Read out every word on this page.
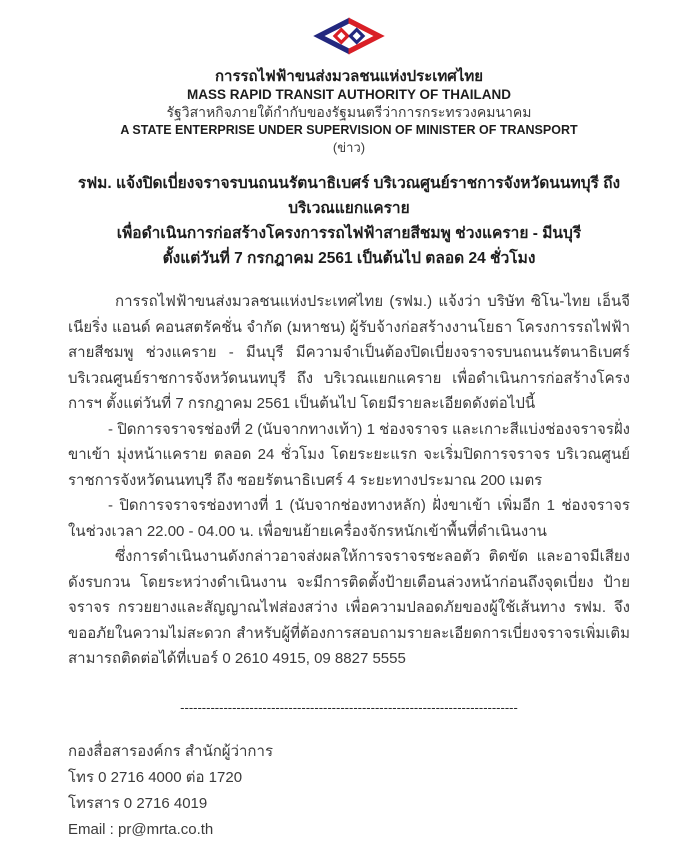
การรถไฟฟ้าขนส่งมวลชนแห่งประเทศไทย
MASS RAPID TRANSIT AUTHORITY OF THAILAND
รัฐวิสาหกิจภายใต้กำกับของรัฐมนตรีว่าการกระทรวงคมนาคม
A STATE ENTERPRISE UNDER SUPERVISION OF MINISTER OF TRANSPORT
(ข่าว)
รฟม. แจ้งปิดเบี่ยงจราจรบนถนนรัตนาธิเบศร์ บริเวณศูนย์ราชการจังหวัดนนทบุรี ถึง บริเวณแยกแคราย
เพื่อดำเนินการก่อสร้างโครงการรถไฟฟ้าสายสีชมพู ช่วงแคราย - มีนบุรี
ตั้งแต่วันที่ 7 กรกฎาคม 2561 เป็นต้นไป ตลอด 24 ชั่วโมง

การรถไฟฟ้าขนส่งมวลชนแห่งประเทศไทย (รฟม.) แจ้งว่า บริษัท ซิโน-ไทย เอ็นจีเนียริ่ง แอนด์ คอนสตรัคชั่น จำกัด (มหาชน) ผู้รับจ้างก่อสร้างงานโยธา โครงการรถไฟฟ้าสายสีชมพู ช่วงแคราย - มีนบุรี มีความจำเป็นต้องปิดเบี่ยงจราจรบนถนนรัตนาธิเบศร์ บริเวณศูนย์ราชการจังหวัดนนทบุรี ถึง บริเวณแยกแคราย เพื่อดำเนินการก่อสร้างโครงการฯ ตั้งแต่วันที่ 7 กรกฎาคม 2561 เป็นต้นไป โดยมีรายละเอียดดังต่อไปนี้

- ปิดการจราจรช่องที่ 2 (นับจากทางเท้า) 1 ช่องจราจร และเกาะสีแบ่งช่องจราจรฝั่งขาเข้า มุ่งหน้าแคราย ตลอด 24 ชั่วโมง โดยระยะแรก จะเริ่มปิดการจราจร บริเวณศูนย์ราชการจังหวัดนนทบุรี ถึง ซอยรัตนาธิเบศร์ 4 ระยะทางประมาณ 200 เมตร

- ปิดการจราจรช่องทางที่ 1 (นับจากช่องทางหลัก) ฝั่งขาเข้า เพิ่มอีก 1 ช่องจราจร ในช่วงเวลา 22.00 - 04.00 น. เพื่อขนย้ายเครื่องจักรหนักเข้าพื้นที่ดำเนินงาน

ซึ่งการดำเนินงานดังกล่าวอาจส่งผลให้การจราจรชะลอตัว ติดขัด และอาจมีเสียงดังรบกวน โดยระหว่างดำเนินงาน จะมีการติดตั้งป้ายเตือนล่วงหน้าก่อนถึงจุดเบี่ยง ป้ายจราจร กรวยยางและสัญญาณไฟส่องสว่าง เพื่อความปลอดภัยของผู้ใช้เส้นทาง รฟม. จึงขออภัยในความไม่สะดวก สำหรับผู้ที่ต้องการสอบถามรายละเอียดการเบี่ยงจราจรเพิ่มเติม สามารถติดต่อได้ที่เบอร์ 0 2610 4915, 09 8827 5555

------------------------------------------------------------------------------
กองสื่อสารองค์กร สำนักผู้ว่าการ
โทร 0 2716 4000 ต่อ 1720
โทรสาร 0 2716 4019
Email : pr@mrta.co.th
